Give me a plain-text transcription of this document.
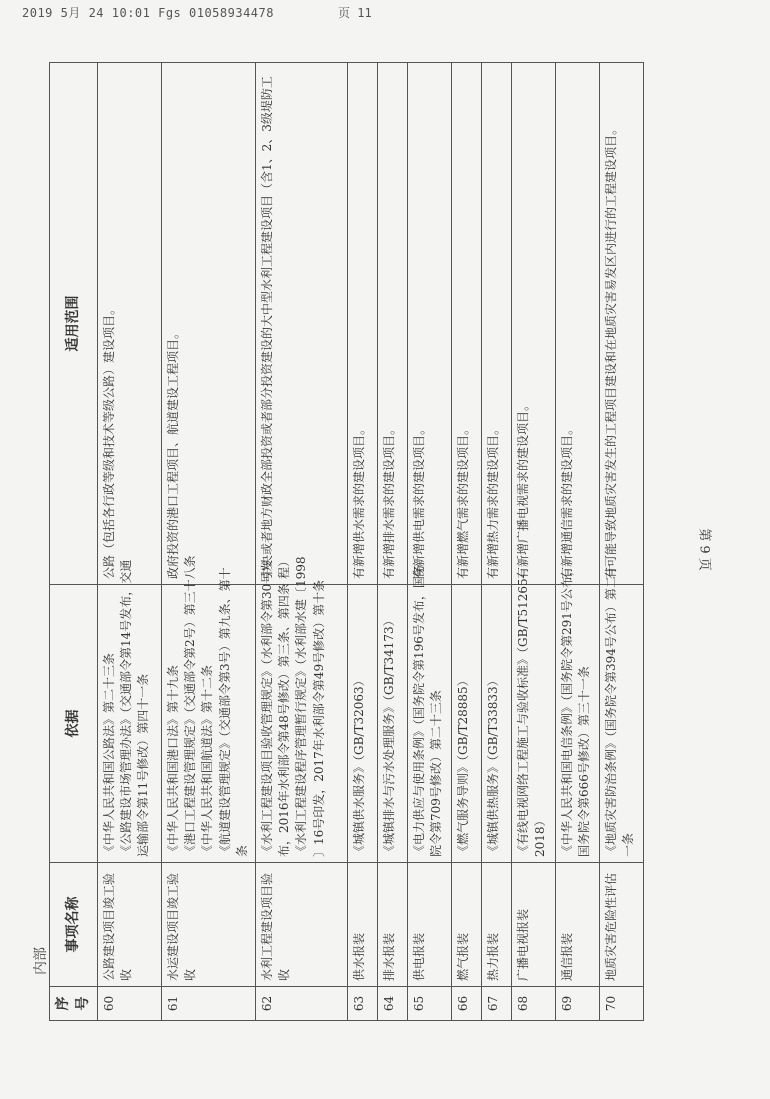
2019 5月 24 10:01 Fgs 01058934478	页 11
内部
序号	事项名称	依据	适用范围
60	公路建设项目竣工验收	《中华人民共和国公路法》第二十三条 《公路建设市场管理办法》（交通部令第14号发布，交通 运输部令第11号修改）第四十一条	公路（包括各行政等级和技术等级公路）建设项目。
61	水运建设项目竣工验收	《中华人民共和国港口法》第十九条 《港口工程建设管理规定》（交通部令第2号）第三十八条 《中华人民共和国航道法》第十二条 《航道建设管理规定》（交通部令第3号）第九条、第十 条	政府投资的港口工程项目、航道建设工程项目。
62	水利工程建设项目验收	《水利工程建设项目验收管理规定》（水利部令第30号发 布，2016年水利部令第48号修改）第三条、第四条 《水利工程建设程序管理暂行规定》（水利部水建〔1998 〕16号印发，2017年水利部令第49号修改）第十条	中央或者地方财政全部投资或者部分投资建设的大中型水利工程建设项目（含1、2、3级堤防工程）
63	供水报装	《城镇供水服务》（GB/T32063）	有新增供水需求的建设项目。
64	排水报装	《城镇排水与污水处理服务》（GB/T34173）	有新增排水需求的建设项目。
65	供电报装	《电力供应与使用条例》（国务院令第196号发布，国务 院令第709号修改）第二十三条	有新增供电需求的建设项目。
66	燃气报装	《燃气服务导则》（GB/T28885）	有新增燃气需求的建设项目。
67	热力报装	《城镇供热服务》（GB/T33833）	有新增热力需求的建设项目。
68	广播电视报装	《有线电视网络工程施工与验收标准》（GB/T51265- 2018）	有新增广播电视需求的建设项目。
69	通信报装	《中华人民共和国电信条例》（国务院令第291号公布， 国务院令第666号修改）第三十一条	有新增通信需求的建设项目。
70	地质灾害危险性评估	《地质灾害防治条例》（国务院令第394号公布）第二十 一条	有可能导致地质灾害发生的工程项目建设和在地质灾害易发区内进行的工程建设项目。	第 9 页
